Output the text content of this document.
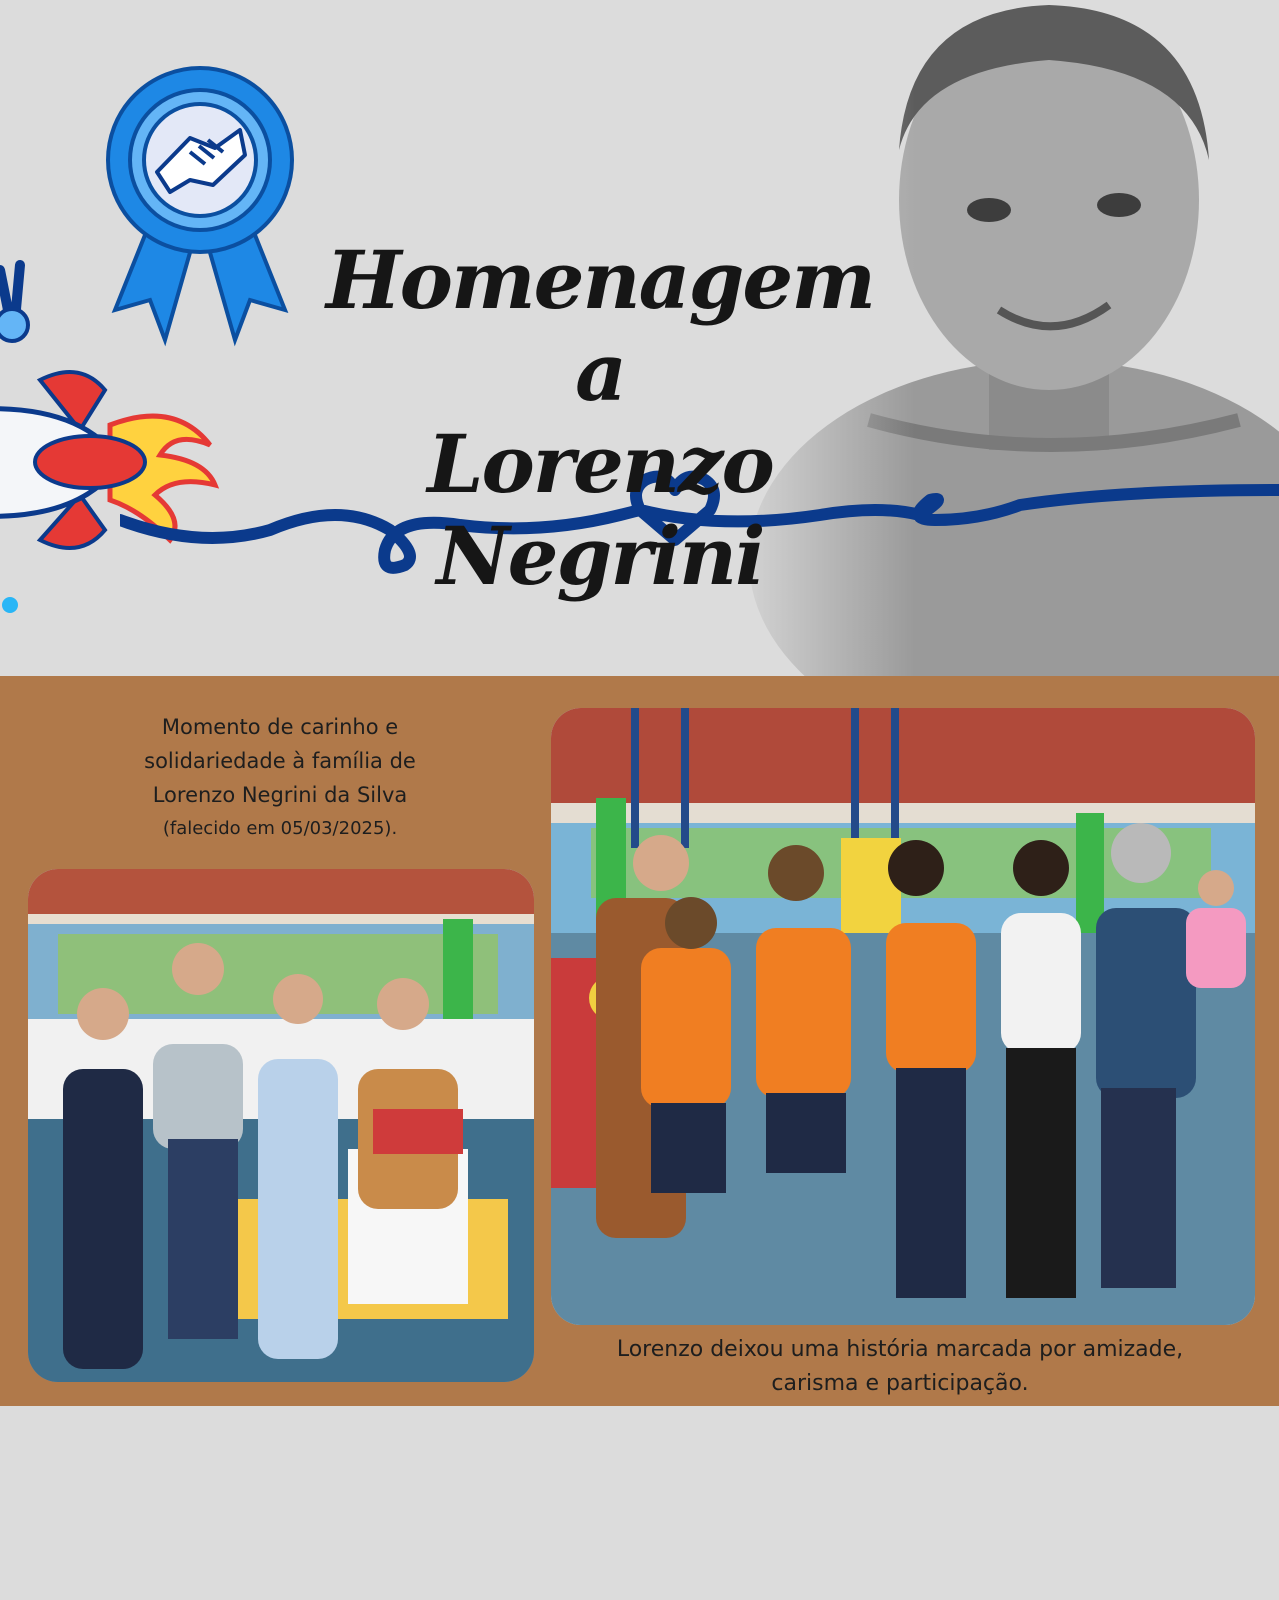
Homenagem a
Lorenzo Negrini
Momento de carinho e
solidariedade à família de
Lorenzo Negrini da Silva
(falecido em 05/03/2025).
Lorenzo deixou uma história marcada por amizade,
carisma e participação.
